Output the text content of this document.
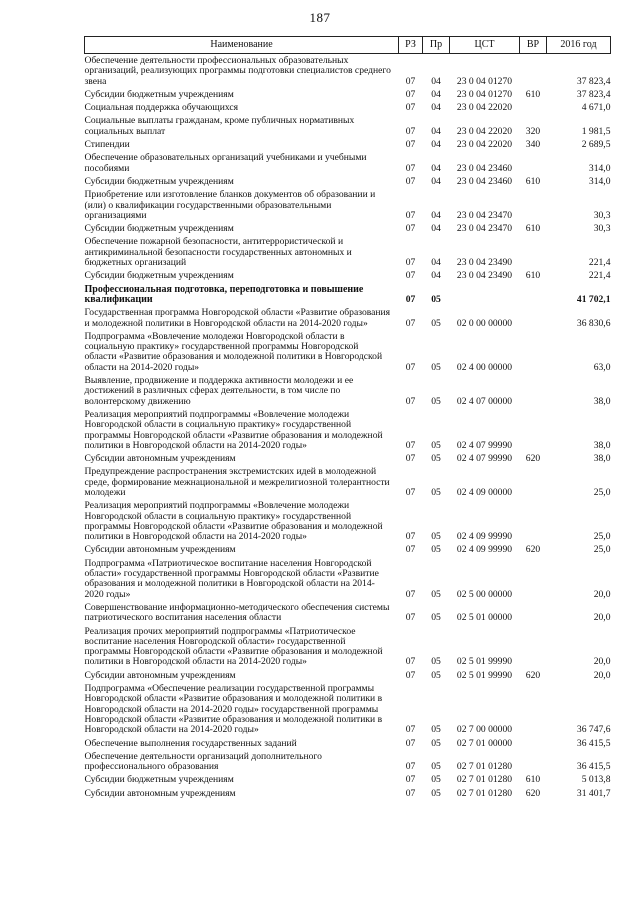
187
Наименование	РЗ	Пр	ЦСТ	ВР	2016 год
Обеспечение деятельности профессиональных образовательных организаций, реализующих программы подготовки специалистов среднего звена	07	04	23 0 04 01270		37 823,4
Субсидии бюджетным учреждениям	07	04	23 0 04 01270	610	37 823,4
Социальная поддержка обучающихся	07	04	23 0 04 22020		4 671,0
Социальные выплаты гражданам, кроме публичных нормативных социальных выплат	07	04	23 0 04 22020	320	1 981,5
Стипендии	07	04	23 0 04 22020	340	2 689,5
Обеспечение образовательных организаций учебниками и учебными пособиями	07	04	23 0 04 23460		314,0
Субсидии бюджетным учреждениям	07	04	23 0 04 23460	610	314,0
Приобретение или изготовление бланков документов об образовании и (или) о квалификации государственными образовательными организациями	07	04	23 0 04 23470		30,3
Субсидии бюджетным учреждениям	07	04	23 0 04 23470	610	30,3
Обеспечение пожарной безопасности, антитеррористической и антикриминальной безопасности государственных автономных и бюджетных организаций	07	04	23 0 04 23490		221,4
Субсидии бюджетным учреждениям	07	04	23 0 04 23490	610	221,4
Профессиональная подготовка, переподготовка и повышение квалификации	07	05			41 702,1
Государственная программа Новгородской области «Развитие образования и молодежной политики в Новгородской области на 2014-2020 годы»	07	05	02 0 00 00000		36 830,6
Подпрограмма «Вовлечение молодежи Новгородской области в социальную практику» государственной программы Новгородской области «Развитие образования и молодежной политики в Новгородской области на 2014-2020 годы»	07	05	02 4 00 00000		63,0
Выявление, продвижение и поддержка активности молодежи и ее достижений в различных сферах деятельности, в том числе по волонтерскому движению	07	05	02 4 07 00000		38,0
Реализация мероприятий подпрограммы «Вовлечение молодежи Новгородской области в социальную практику» государственной программы Новгородской области «Развитие образования и молодежной политики в Новгородской области на 2014-2020 годы»	07	05	02 4 07 99990		38,0
Субсидии автономным учреждениям	07	05	02 4 07 99990	620	38,0
Предупреждение распространения экстремистских идей в молодежной среде, формирование межнациональной и межрелигиозной толерантности молодежи	07	05	02 4 09 00000		25,0
Реализация мероприятий подпрограммы «Вовлечение молодежи Новгородской области в социальную практику» государственной программы Новгородской области «Развитие образования и молодежной политики в Новгородской области на 2014-2020 годы»	07	05	02 4 09 99990		25,0
Субсидии автономным учреждениям	07	05	02 4 09 99990	620	25,0
Подпрограмма «Патриотическое воспитание населения Новгородской области» государственной программы Новгородской области «Развитие образования и молодежной политики в Новгородской области на 2014-2020 годы»	07	05	02 5 00 00000		20,0
Совершенствование информационно-методического обеспечения системы патриотического воспитания населения области	07	05	02 5 01 00000		20,0
Реализация прочих мероприятий подпрограммы «Патриотическое воспитание населения Новгородской области» государственной программы Новгородской области «Развитие образования и молодежной политики в Новгородской области на 2014-2020 годы»	07	05	02 5 01 99990		20,0
Субсидии автономным учреждениям	07	05	02 5 01 99990	620	20,0
Подпрограмма «Обеспечение реализации государственной программы Новгородской области «Развитие образования и молодежной политики в Новгородской области на 2014-2020 годы» государственной программы Новгородской области «Развитие образования и молодежной политики в Новгородской области на 2014-2020 годы»	07	05	02 7 00 00000		36 747,6
Обеспечение выполнения государственных заданий	07	05	02 7 01 00000		36 415,5
Обеспечение деятельности организаций дополнительного профессионального образования	07	05	02 7 01 01280		36 415,5
Субсидии бюджетным учреждениям	07	05	02 7 01 01280	610	5 013,8
Субсидии автономным учреждениям	07	05	02 7 01 01280	620	31 401,7
